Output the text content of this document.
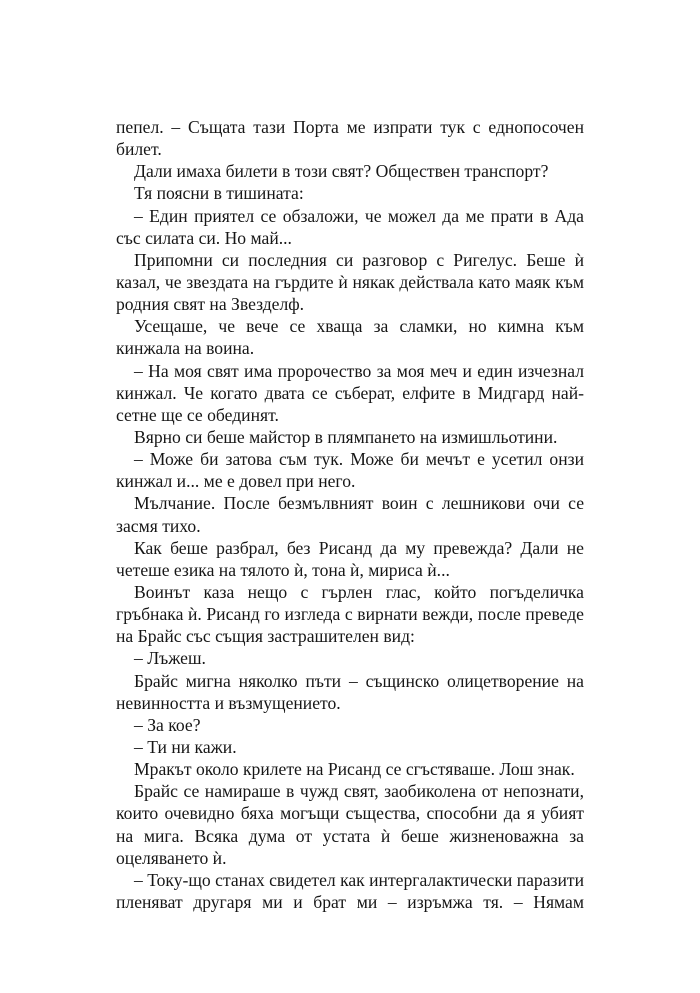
пепел. – Същата тази Порта ме изпрати тук с еднопосочен
билет.
Дали имаха билети в този свят? Обществен транспорт?
Тя поясни в тишината:
– Един приятел се обзаложи, че можел да ме прати в Ада
със силата си. Но май...
Припомни си последния си разговор с Ригелус. Беше ѝ
казал, че звездата на гърдите ѝ някак действала като маяк към
родния свят на Звезделф.
Усещаше, че вече се хваща за сламки, но кимна към
кинжала на воина.
– На моя свят има пророчество за моя меч и един изчезнал
кинжал. Че когато двата се съберат, елфите в Мидгард най-
сетне ще се обединят.
Вярно си беше майстор в плямпането на измишльотини.
– Може би затова съм тук. Може би мечът е усетил онзи
кинжал и... ме е довел при него.
Мълчание. После безмълвният воин с лешникови очи се
засмя тихо.
Как беше разбрал, без Рисанд да му превежда? Дали не
четеше езика на тялото ѝ, тона ѝ, мириса ѝ...
Воинът каза нещо с гърлен глас, който погъделичка
гръбнака ѝ. Рисанд го изгледа с вирнати вежди, после преведе
на Брайс със същия застрашителен вид:
– Лъжеш.
Брайс мигна няколко пъти – същинско олицетворение на
невинността и възмущението.
– За кое?
– Ти ни кажи.
Мракът около крилете на Рисанд се сгъстяваше. Лош знак.
Брайс се намираше в чужд свят, заобиколена от непознати,
които очевидно бяха могъщи същества, способни да я убият
на мига. Всяка дума от устата ѝ беше жизненоважна за
оцеляването ѝ.
– Току-що станах свидетел как интергалактически паразити
пленяват другаря ми и брат ми – изръмжа тя. – Нямам
